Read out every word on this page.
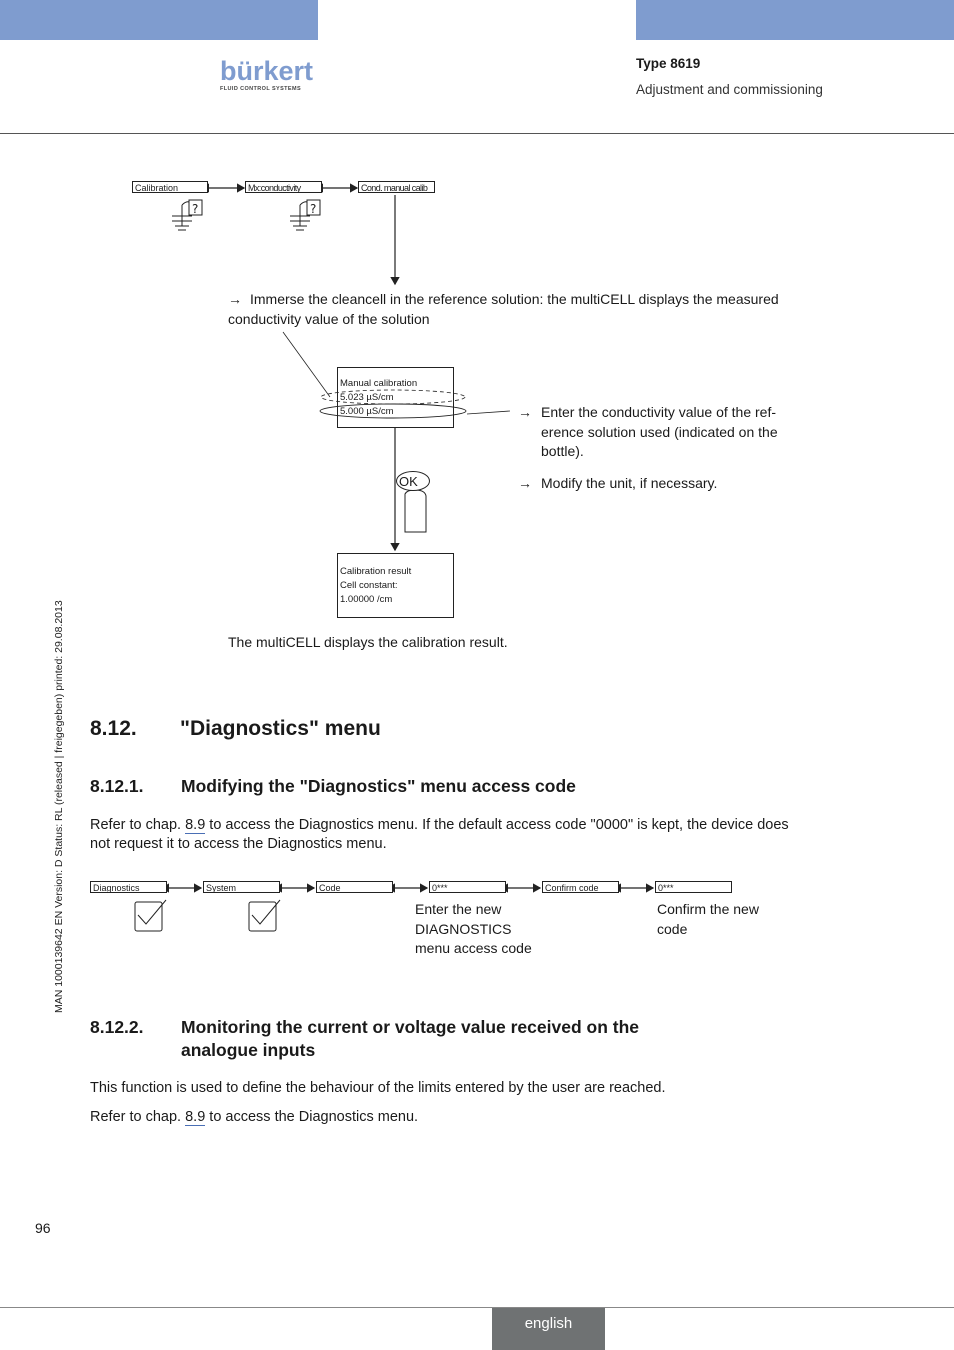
bürkert
FLUID CONTROL SYSTEMS
Type 8619
Adjustment and commissioning
MAN 1000139642 EN Version: D Status: RL (released | freigegeben) printed: 29.08.2013
?	?
Calibration	Mx:conductivity	Cond. manual calib
→ Immerse the cleancell in the reference solution: the multiCELL displays the measured conductivity value of the solution
Manual calibration
5.023 µS/cm
5.000 µS/cm	→ Enter the conductivity value of the ref-
erence solution used (indicated on the
bottle).
OK	→ Modify the unit, if necessary.
Calibration result
Cell constant:
1.00000 /cm
The multiCELL displays the calibration result.
8.12. "Diagnostics" menu
8.12.1. Modifying the "Diagnostics" menu access code
Refer to chap. 8.9 to access the Diagnostics menu. If the default access code "0000" is kept, the device does
not request it to access the Diagnostics menu.
Diagnostics	System	Code	0***	Confirm code	0***
Enter the new
DIAGNOSTICS
menu access code
Confirm the new
code
8.12.2. Monitoring the current or voltage value received on the
analogue inputs
This function is used to define the behaviour of the limits entered by the user are reached.
Refer to chap. 8.9 to access the Diagnostics menu.
96
english
